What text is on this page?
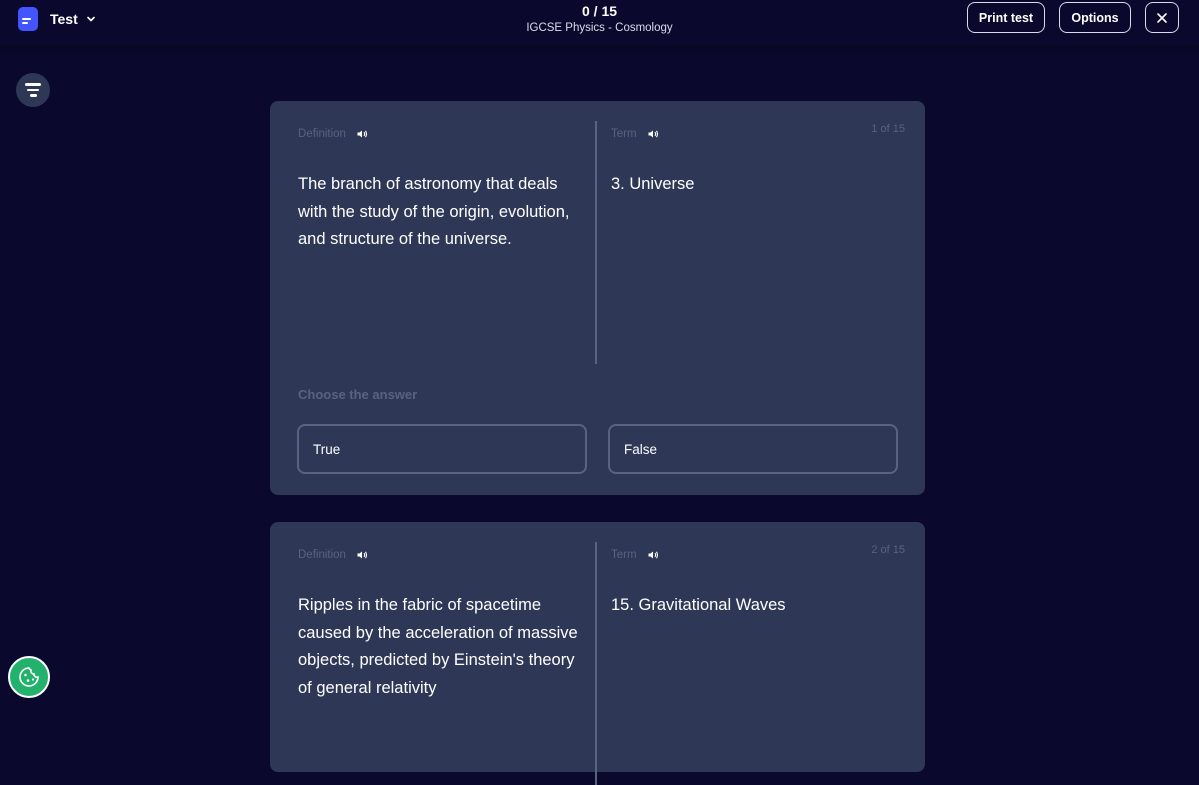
Test	0 / 15
IGCSE Physics - Cosmology
Print test	Options
Definition	Term	1 of 15
The branch of astronomy that deals with the study of the origin, evolution, and structure of the universe.
3. Universe
Choose the answer
True	False
Definition	Term	2 of 15
Ripples in the fabric of spacetime caused by the acceleration of massive objects, predicted by Einstein's theory of general relativity
15. Gravitational Waves
